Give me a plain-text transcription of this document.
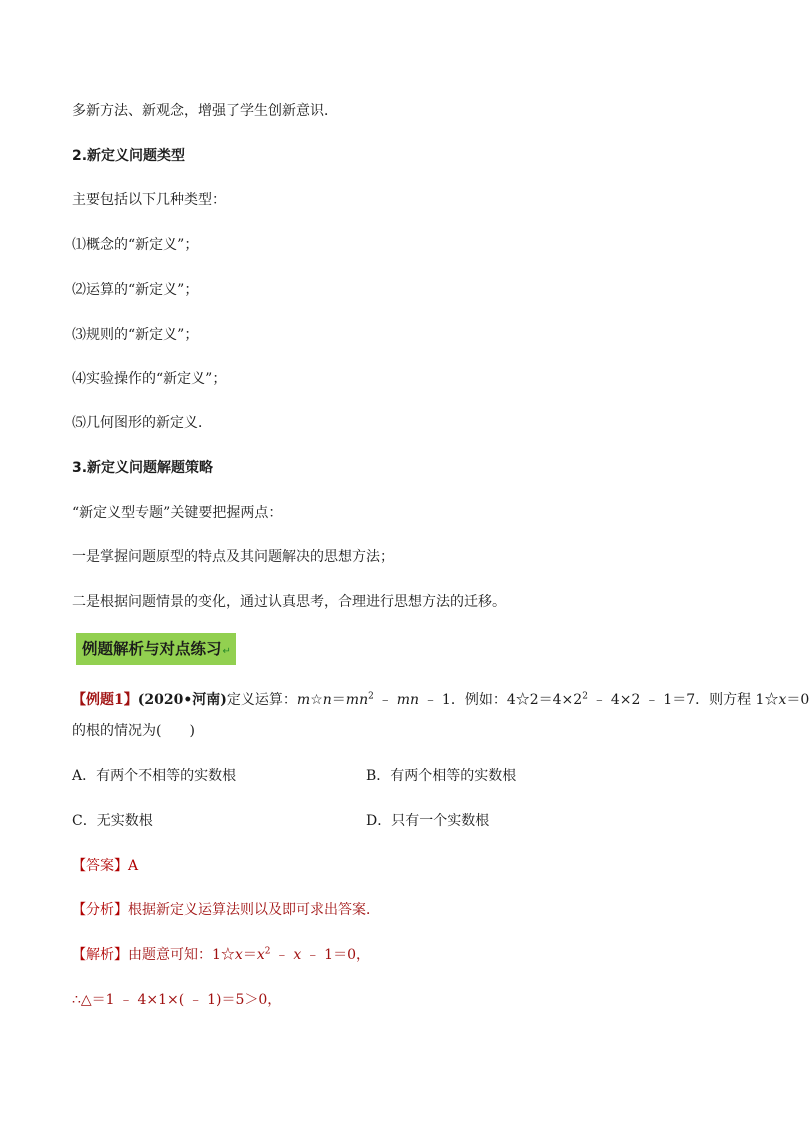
多新方法、新观念，增强了学生创新意识．
2.新定义问题类型
主要包括以下几种类型：
⑴概念的“新定义”；
⑵运算的“新定义”；
⑶规则的“新定义”；
⑷实验操作的“新定义”；
⑸几何图形的新定义．
3.新定义问题解题策略
“新定义型专题”关键要把握两点：
一是掌握问题原型的特点及其问题解决的思想方法；
二是根据问题情景的变化，通过认真思考，合理进行思想方法的迁移。
例题解析与对点练习↵
【例题1】(2020•河南)定义运算：$m☆n=mn^2$ ﹣ mn ﹣ 1．例如：$4☆2=4\times 2^2$ ﹣ 4×2 ﹣ 1＝7．则方程 1☆x＝0
的根的情况为(　　)
A．有两个不相等的实数根	B．有两个相等的实数根
C．无实数根	D．只有一个实数根
【答案】A
【分析】根据新定义运算法则以及即可求出答案．
【解析】由题意可知：$1☆x=x^2$ ﹣ x ﹣ 1＝0，
∴△＝1 ﹣ 4×1×( ﹣ 1)＝5＞0，
